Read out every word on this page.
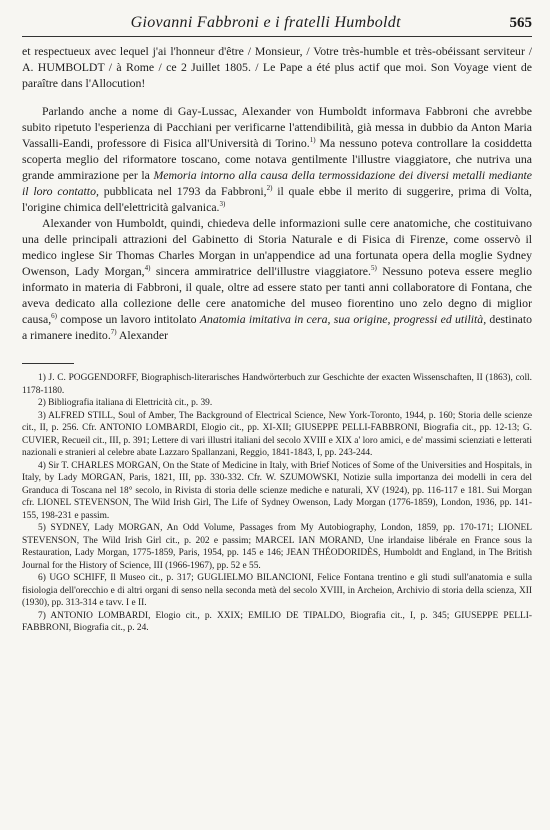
Giovanni Fabbroni e i fratelli Humboldt	565

et respectueux avec lequel j'ai l'honneur d'être / Monsieur, / Votre très-humble et très-obéissant serviteur / A. HUMBOLDT / à Rome / ce 2 Juillet 1805. / Le Pape a été plus actif que moi. Son Voyage vient de paraître dans l'Allocution!

Parlando anche a nome di Gay-Lussac, Alexander von Humboldt informava Fabbroni che avrebbe subito ripetuto l'esperienza di Pacchiani per verificarne l'attendibilità, già messa in dubbio da Anton Maria Vassalli-Eandi, professore di Fisica all'Università di Torino.$^{1)}$ Ma nessuno poteva controllare la cosiddetta scoperta meglio del riformatore toscano, come notava gentilmente l'illustre viaggiatore, che nutriva una grande ammirazione per la Memoria intorno alla causa della termossidazione dei diversi metalli mediante il loro contatto, pubblicata nel 1793 da Fabbroni,$^{2)}$ il quale ebbe il merito di suggerire, prima di Volta, l'origine chimica dell'elettricità galvanica.$^{3)}$

Alexander von Humboldt, quindi, chiedeva delle informazioni sulle cere anatomiche, che costituivano una delle principali attrazioni del Gabinetto di Storia Naturale e di Fisica di Firenze, come osservò il medico inglese Sir Thomas Charles Morgan in un'appendice ad una fortunata opera della moglie Sydney Owenson, Lady Morgan,$^{4)}$ sincera ammiratrice dell'illustre viaggiatore.$^{5)}$ Nessuno poteva essere meglio informato in materia di Fabbroni, il quale, oltre ad essere stato per tanti anni collaboratore di Fontana, che aveva dedicato alla collezione delle cere anatomiche del museo fiorentino uno zelo degno di miglior causa,$^{6)}$ compose un lavoro intitolato Anatomia imitativa in cera, sua origine, progressi ed utilità, destinato a rimanere inedito.$^{7)}$ Alexander

1) J. C. POGGENDORFF, Biographisch-literarisches Handwörterbuch zur Geschichte der exacten Wissenschaften, II (1863), coll. 1178-1180.

2) Bibliografia italiana di Elettricità cit., p. 39.

3) ALFRED STILL, Soul of Amber, The Background of Electrical Science, New York-Toronto, 1944, p. 160; Storia delle scienze cit., II, p. 256. Cfr. ANTONIO LOMBARDI, Elogio cit., pp. XI-XII; GIUSEPPE PELLI-FABBRONI, Biografia cit., pp. 12-13; G. CUVIER, Recueil cit., III, p. 391; Lettere di vari illustri italiani del secolo XVIII e XIX a' loro amici, e de' massimi scienziati e letterati nazionali e stranieri al celebre abate Lazzaro Spallanzani, Reggio, 1841-1843, I, pp. 243-244.

4) Sir T. CHARLES MORGAN, On the State of Medicine in Italy, with Brief Notices of Some of the Universities and Hospitals, in Italy, by Lady MORGAN, Paris, 1821, III, pp. 330-332. Cfr. W. SZUMOWSKI, Notizie sulla importanza dei modelli in cera del Granduca di Toscana nel 18° secolo, in Rivista di storia delle scienze mediche e naturali, XV (1924), pp. 116-117 e 181. Sui Morgan cfr. LIONEL STEVENSON, The Wild Irish Girl, The Life of Sydney Owenson, Lady Morgan (1776-1859), London, 1936, pp. 141-155, 198-231 e passim.

5) SYDNEY, Lady MORGAN, An Odd Volume, Passages from My Autobiography, London, 1859, pp. 170-171; LIONEL STEVENSON, The Wild Irish Girl cit., p. 202 e passim; MARCEL IAN MORAND, Une irlandaise libérale en France sous la Restauration, Lady Morgan, 1775-1859, Paris, 1954, pp. 145 e 146; JEAN THÉODORIDÈS, Humboldt and England, in The British Journal for the History of Science, III (1966-1967), pp. 52 e 55.

6) UGO SCHIFF, Il Museo cit., p. 317; GUGLIELMO BILANCIONI, Felice Fontana trentino e gli studi sull'anatomia e sulla fisiologia dell'orecchio e di altri organi di senso nella seconda metà del secolo XVIII, in Archeion, Archivio di storia della scienza, XII (1930), pp. 313-314 e tavv. I e II.

7) ANTONIO LOMBARDI, Elogio cit., p. XXIX; EMILIO DE TIPALDO, Biografia cit., I, p. 345; GIUSEPPE PELLI-FABBRONI, Biografia cit., p. 24.
